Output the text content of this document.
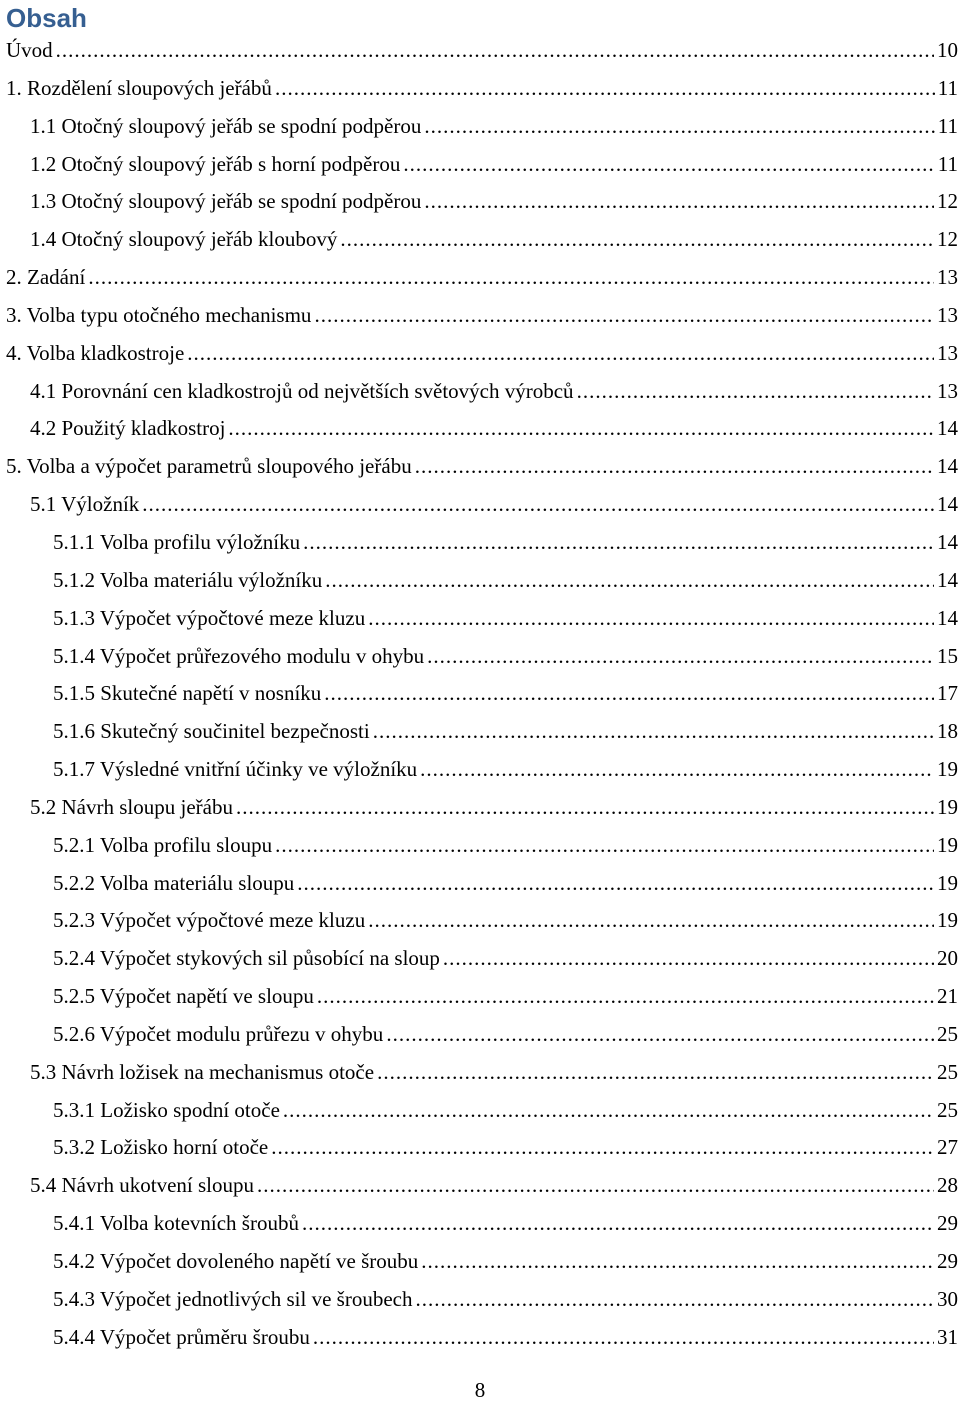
Obsah
Úvod .....	10
1. Rozdělení sloupových jeřábů .....	11
1.1 Otočný sloupový jeřáb se spodní podpěrou .....	11
1.2 Otočný sloupový jeřáb s horní podpěrou .....	11
1.3 Otočný sloupový jeřáb se spodní podpěrou .....	12
1.4 Otočný sloupový jeřáb kloubový .....	12
2. Zadání .....	13
3. Volba typu otočného mechanismu .....	13
4. Volba kladkostroje .....	13
4.1 Porovnání cen kladkostrojů od největších světových výrobců .....	13
4.2 Použitý kladkostroj .....	14
5. Volba a výpočet parametrů sloupového jeřábu .....	14
5.1 Výložník .....	14
5.1.1 Volba profilu výložníku .....	14
5.1.2 Volba materiálu výložníku .....	14
5.1.3 Výpočet výpočtové meze kluzu .....	14
5.1.4 Výpočet průřezového modulu v ohybu .....	15
5.1.5 Skutečné napětí v nosníku .....	17
5.1.6 Skutečný součinitel bezpečnosti .....	18
5.1.7 Výsledné vnitřní účinky ve výložníku .....	19
5.2 Návrh sloupu jeřábu .....	19
5.2.1 Volba profilu sloupu .....	19
5.2.2 Volba materiálu sloupu .....	19
5.2.3 Výpočet výpočtové meze kluzu .....	19
5.2.4 Výpočet stykových sil působící na sloup .....	20
5.2.5 Výpočet napětí ve sloupu .....	21
5.2.6 Výpočet modulu průřezu v ohybu .....	25
5.3 Návrh ložisek na mechanismus otoče .....	25
5.3.1 Ložisko spodní otoče .....	25
5.3.2 Ložisko horní otoče .....	27
5.4 Návrh ukotvení sloupu .....	28
5.4.1 Volba kotevních šroubů .....	29
5.4.2 Výpočet dovoleného napětí ve šroubu .....	29
5.4.3 Výpočet jednotlivých sil ve šroubech .....	30
5.4.4 Výpočet průměru šroubu .....	31
8
